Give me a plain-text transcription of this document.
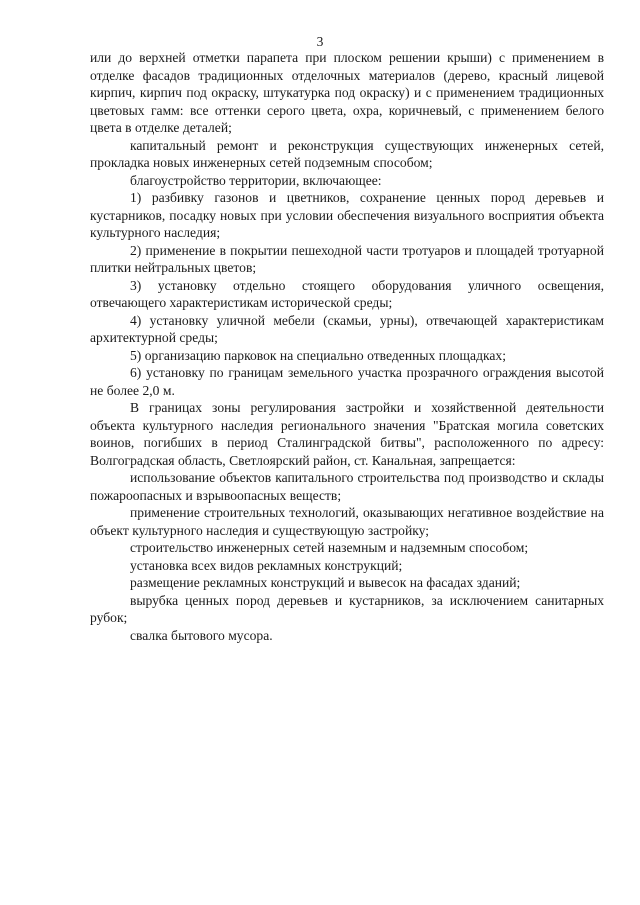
3

или до верхней отметки парапета при плоском решении крыши) с применением в отделке фасадов традиционных отделочных материалов (дерево, красный лицевой кирпич, кирпич под окраску, штукатурка под окраску) и с применением традиционных цветовых гамм: все оттенки серого цвета, охра, коричневый, с применением белого цвета в отделке деталей;

капитальный ремонт и реконструкция существующих инженерных сетей, прокладка новых инженерных сетей подземным способом;

благоустройство территории, включающее:

1) разбивку газонов и цветников, сохранение ценных пород деревьев и кустарников, посадку новых при условии обеспечения визуального восприятия объекта культурного наследия;

2) применение в покрытии пешеходной части тротуаров и площадей тротуарной плитки нейтральных цветов;

3) установку отдельно стоящего оборудования уличного освещения, отвечающего характеристикам исторической среды;

4) установку уличной мебели (скамьи, урны), отвечающей характеристикам архитектурной среды;

5) организацию парковок на специально отведенных площадках;

6) установку по границам земельного участка прозрачного ограждения высотой не более 2,0 м.

В границах зоны регулирования застройки и хозяйственной деятельности объекта культурного наследия регионального значения "Братская могила советских воинов, погибших в период Сталинградской битвы", расположенного по адресу: Волгоградская область, Светлоярский район, ст. Канальная, запрещается:

использование объектов капитального строительства под производство и склады пожароопасных и взрывоопасных веществ;

применение строительных технологий, оказывающих негативное воздействие на объект культурного наследия и существующую застройку;

строительство инженерных сетей наземным и надземным способом;

установка всех видов рекламных конструкций;

размещение рекламных конструкций и вывесок на фасадах зданий;

вырубка ценных пород деревьев и кустарников, за исключением санитарных рубок;

свалка бытового мусора.
